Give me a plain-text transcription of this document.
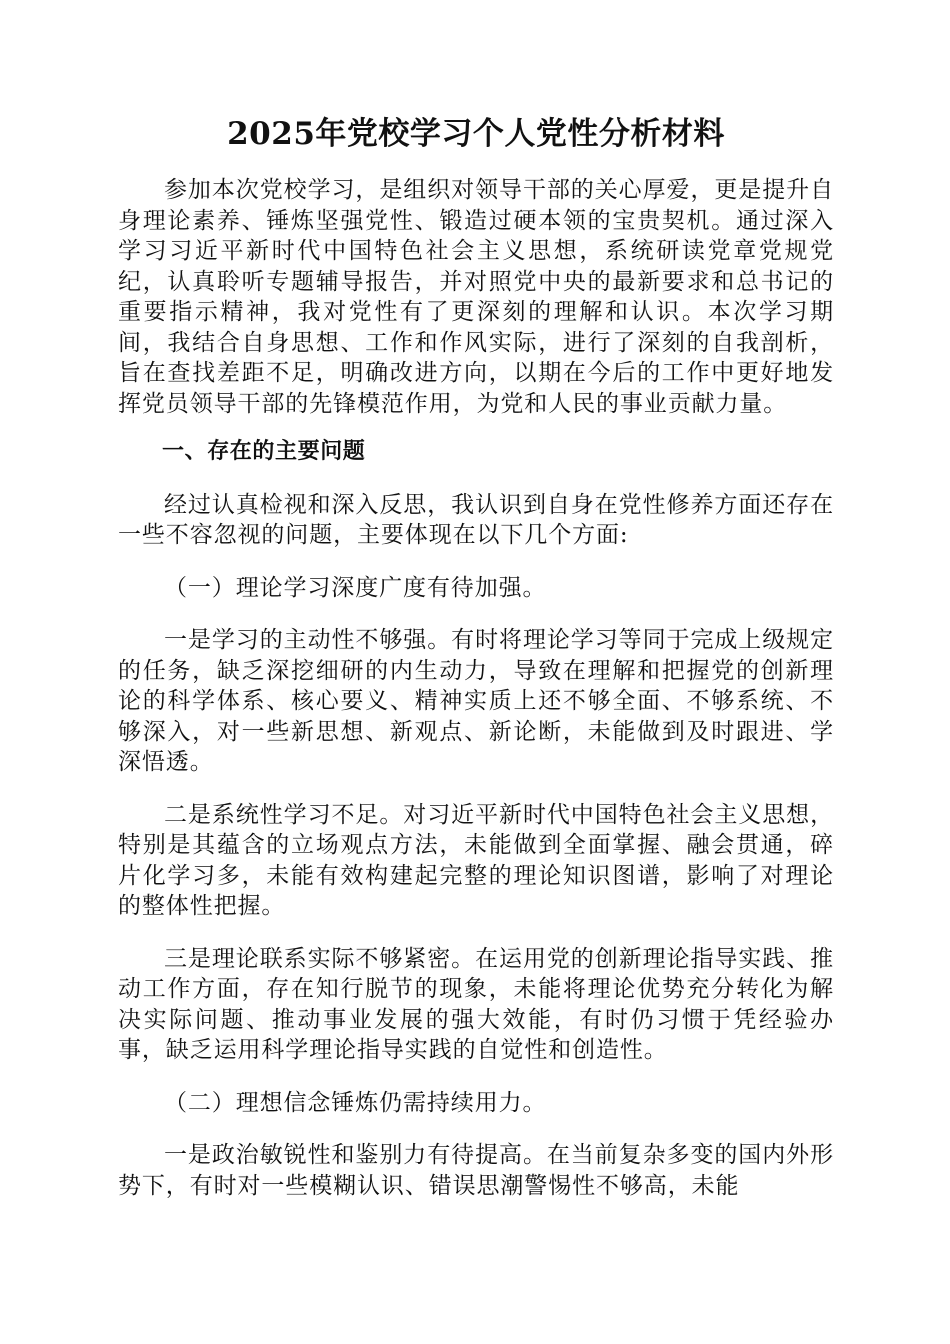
2025年党校学习个人党性分析材料

参加本次党校学习，是组织对领导干部的关心厚爱，更是提升自身理论素养、锤炼坚强党性、锻造过硬本领的宝贵契机。通过深入学习习近平新时代中国特色社会主义思想，系统研读党章党规党纪，认真聆听专题辅导报告，并对照党中央的最新要求和总书记的重要指示精神，我对党性有了更深刻的理解和认识。本次学习期间，我结合自身思想、工作和作风实际，进行了深刻的自我剖析，旨在查找差距不足，明确改进方向，以期在今后的工作中更好地发挥党员领导干部的先锋模范作用，为党和人民的事业贡献力量。

一、存在的主要问题

经过认真检视和深入反思，我认识到自身在党性修养方面还存在一些不容忽视的问题，主要体现在以下几个方面:

（一）理论学习深度广度有待加强。

一是学习的主动性不够强。有时将理论学习等同于完成上级规定的任务，缺乏深挖细研的内生动力，导致在理解和把握党的创新理论的科学体系、核心要义、精神实质上还不够全面、不够系统、不够深入，对一些新思想、新观点、新论断，未能做到及时跟进、学深悟透。

二是系统性学习不足。对习近平新时代中国特色社会主义思想，特别是其蕴含的立场观点方法，未能做到全面掌握、融会贯通，碎片化学习多，未能有效构建起完整的理论知识图谱，影响了对理论的整体性把握。

三是理论联系实际不够紧密。在运用党的创新理论指导实践、推动工作方面，存在知行脱节的现象，未能将理论优势充分转化为解决实际问题、推动事业发展的强大效能，有时仍习惯于凭经验办事，缺乏运用科学理论指导实践的自觉性和创造性。

（二）理想信念锤炼仍需持续用力。

一是政治敏锐性和鉴别力有待提高。在当前复杂多变的国内外形势下，有时对一些模糊认识、错误思潮警惕性不够高，未能
